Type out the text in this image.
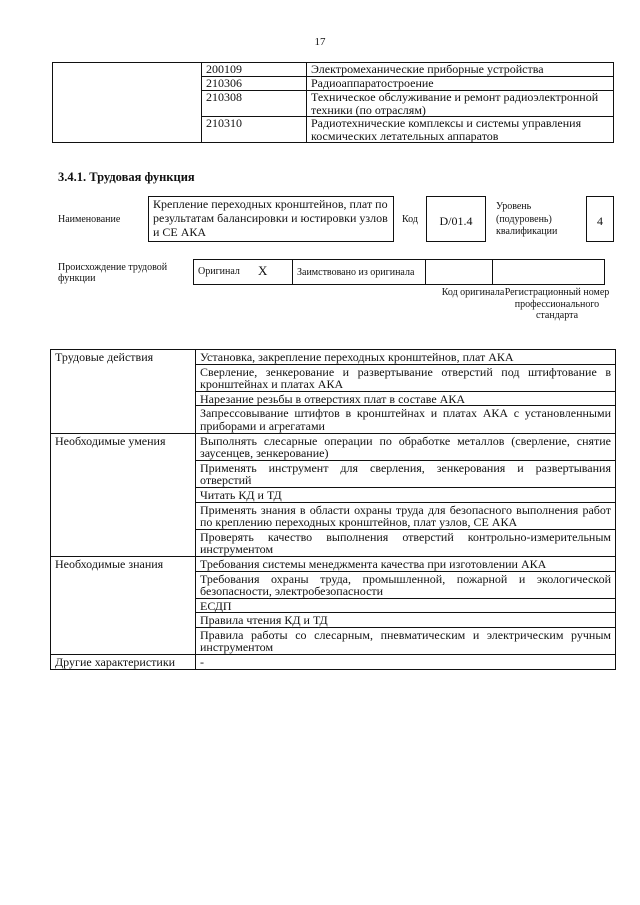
17
	200109	Электромеханические приборные устройства
	210306	Радиоаппаратостроение
	210308	Техническое обслуживание и ремонт радиоэлектронной техники (по отраслям)
	210310	Радиотехнические комплексы и системы управления космических летательных аппаратов
3.4.1. Трудовая функция
Наименование
Крепление переходных кронштейнов, плат по результатам балансировки и юстировки узлов и СЕ АКА
Код	D/01.4
Уровень
(подуровень)
квалификации
4
Происхождение трудовой функции
Оригинал X	Заимствовано из оригинала		
Код оригинала Регистрационный номер профессионального стандарта
Трудовые действия	Установка, закрепление переходных кронштейнов, плат АКА
	Сверление, зенкерование и развертывание отверстий под штифтование в кронштейнах и платах АКА
	Нарезание резьбы в отверстиях плат в составе АКА
	Запрессовывание штифтов в кронштейнах и платах АКА с установленными приборами и агрегатами
Необходимые умения	Выполнять слесарные операции по обработке металлов (сверление, снятие заусенцев, зенкерование)
	Применять инструмент для сверления, зенкерования и развертывания отверстий
	Читать КД и ТД
	Применять знания в области охраны труда для безопасного выполнения работ по креплению переходных кронштейнов, плат узлов, СЕ АКА
	Проверять качество выполнения отверстий контрольно-измерительным инструментом
Необходимые знания	Требования системы менеджмента качества при изготовлении АКА
	Требования охраны труда, промышленной, пожарной и экологической безопасности, электробезопасности
	ЕСДП
	Правила чтения КД и ТД
	Правила работы со слесарным, пневматическим и электрическим ручным инструментом
Другие характеристики	-
